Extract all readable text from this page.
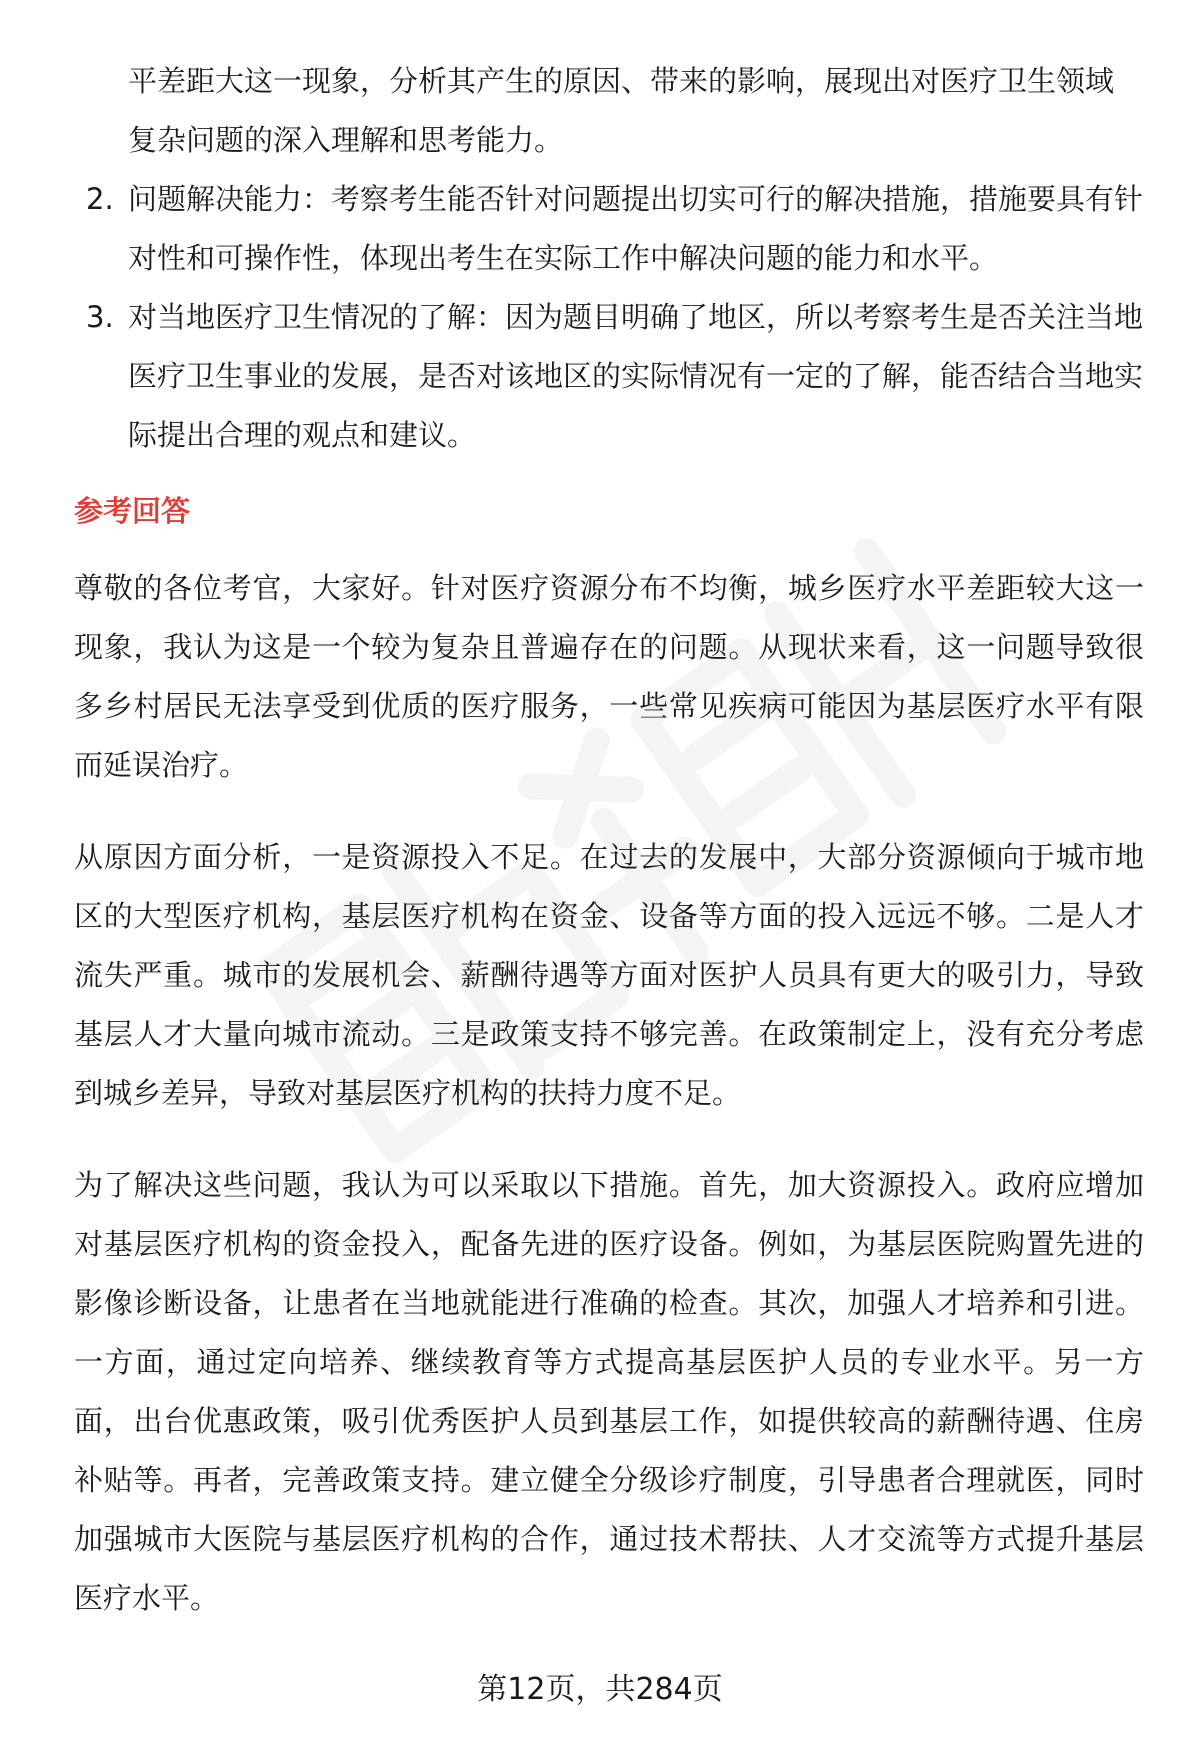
平差距大这一现象，分析其产生的原因、带来的影响，展现出对医疗卫生领域

复杂问题的深入理解和思考能力。

2. 问题解决能力：考察考生能否针对问题提出切实可行的解决措施，措施要具有针对性和可操作性，体现出考生在实际工作中解决问题的能力和水平。
3. 对当地医疗卫生情况的了解：因为题目明确了地区，所以考察考生是否关注当地医疗卫生事业的发展，是否对该地区的实际情况有一定的了解，能否结合当地实际提出合理的观点和建议。
参考回答

尊敬的各位考官，大家好。针对医疗资源分布不均衡，城乡医疗水平差距较大这一现象，我认为这是一个较为复杂且普遍存在的问题。从现状来看，这一问题导致很多乡村居民无法享受到优质的医疗服务，一些常见疾病可能因为基层医疗水平有限而延误治疗。

从原因方面分析，一是资源投入不足。在过去的发展中，大部分资源倾向于城市地区的大型医疗机构，基层医疗机构在资金、设备等方面的投入远远不够。二是人才流失严重。城市的发展机会、薪酬待遇等方面对医护人员具有更大的吸引力，导致基层人才大量向城市流动。三是政策支持不够完善。在政策制定上，没有充分考虑到城乡差异，导致对基层医疗机构的扶持力度不足。

为了解决这些问题，我认为可以采取以下措施。首先，加大资源投入。政府应增加对基层医疗机构的资金投入，配备先进的医疗设备。例如，为基层医院购置先进的影像诊断设备，让患者在当地就能进行准确的检查。其次，加强人才培养和引进。一方面，通过定向培养、继续教育等方式提高基层医护人员的专业水平。另一方面，出台优惠政策，吸引优秀医护人员到基层工作，如提供较高的薪酬待遇、住房补贴等。再者，完善政策支持。建立健全分级诊疗制度，引导患者合理就医，同时加强城市大医院与基层医疗机构的合作，通过技术帮扶、人才交流等方式提升基层医疗水平。

第12页，共284页
